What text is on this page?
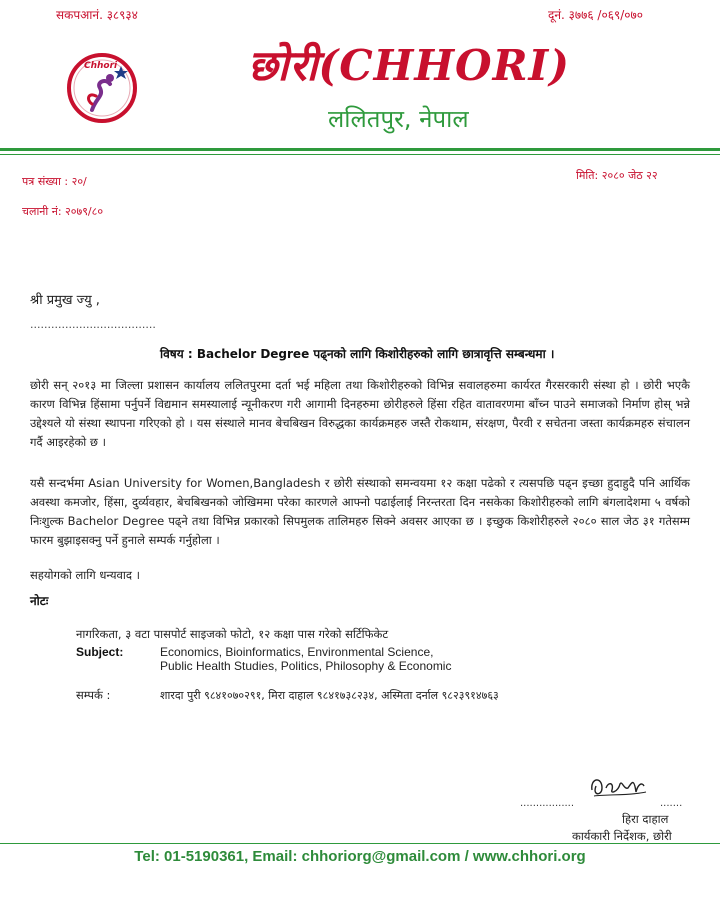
सकपआनं. ३८९३४	दूनं. ३७७६ /०६९/०७०
Chhori	छोरी(CHHORI)
ललितपुर, नेपाल
पत्र संख्या : २०/	मिति: २०८० जेठ २२
चलानी नं: २०७९/८०
श्री प्रमुख ज्यु ,
....................................
विषय : Bachelor Degree पढ्नको लागि किशोरीहरुको लागि छात्रावृत्ति सम्बन्धमा ।
छोरी सन् २०१३ मा जिल्ला प्रशासन कार्यालय ललितपुरमा दर्ता भई महिला तथा किशोरीहरुको विभिन्न सवालहरुमा कार्यरत गैरसरकारी संस्था हो । छोरी भएकै कारण विभिन्न हिंसामा पर्नुपर्ने विद्यमान समस्यालाई न्यूनीकरण गरी आगामी दिनहरुमा छोरीहरुले हिंसा रहित वातावरणमा बाँच्न पाउने समाजको निर्माण होस् भन्ने उद्देश्यले यो संस्था स्थापना गरिएको हो । यस संस्थाले मानव बेचबिखन विरुद्धका कार्यक्रमहरु जस्तै रोकथाम, संरक्षण, पैरवी र सचेतना जस्ता कार्यक्रमहरु संचालन गर्दै आइरहेको छ ।
यसै सन्दर्भमा Asian University for Women,Bangladesh र छोरी संस्थाको समन्वयमा १२ कक्षा पढेको र त्यसपछि पढ्न इच्छा हुदाहुदै पनि आर्थिक अवस्था कमजोर, हिंसा, दुर्व्यवहार, बेचबिखनको जोखिममा परेका कारणले आफ्नो पढाईलाई निरन्तरता दिन नसकेका किशोरीहरुको लागि बंगलादेशमा ५ वर्षको निःशुल्क Bachelor Degree पढ्ने तथा विभिन्न प्रकारको सिपमुलक तालिमहरु सिक्ने अवसर आएका छ । इच्छुक किशोरीहरुले २०८० साल जेठ ३१ गतेसम्म फारम बुझाइसक्नु पर्ने हुनाले सम्पर्क गर्नुहोला ।
सहयोगको लागि धन्यवाद ।
नोटः
नागरिकता, ३ वटा पासपोर्ट साइजको फोटो, १२ कक्षा पास गरेको सर्टिफिकेट
Subject:	Economics, Bioinformatics, Environmental Science,
Public Health Studies, Politics, Philosophy & Economic
सम्पर्क :	शारदा पुरी ९८४१०७०२९१, मिरा दाहाल ९८४१७३८२३४, अस्मिता दर्नाल ९८२३९१४७६३
.................	.......
हिरा दाहाल
कार्यकारी निर्देशक, छोरी
Tel: 01-5190361, Email: chhoriorg@gmail.com / www.chhori.org
